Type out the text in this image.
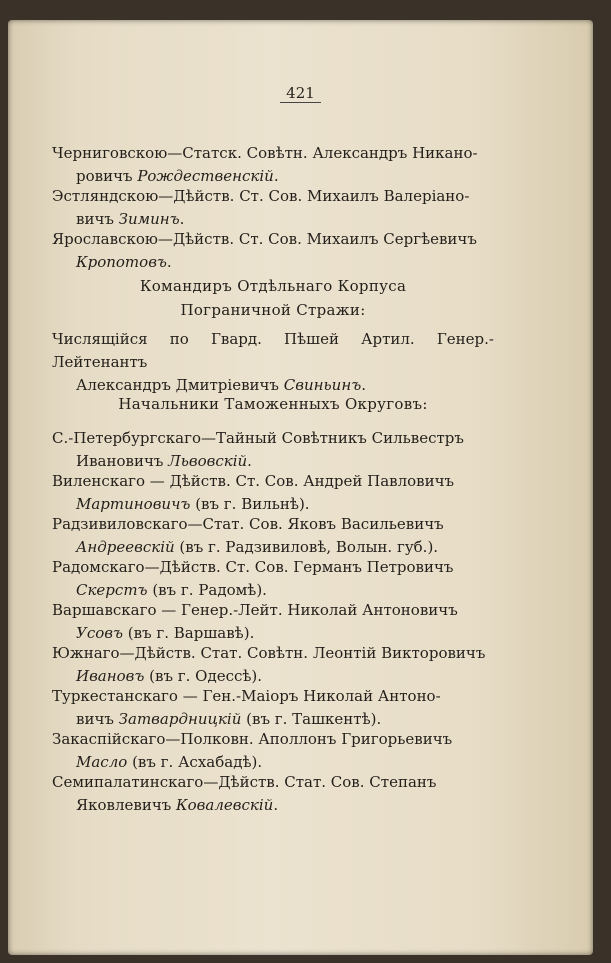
421
Черниговскою—Статск. Совѣтн. Александръ Никано-
ровичъ Рождественскій.
Эстляндскою—Дѣйств. Ст. Сов. Михаилъ Валеріано-
вичъ Зиминъ.
Ярославскою—Дѣйств. Ст. Сов. Михаилъ Сергѣевичъ
Кропотовъ.
Командиръ Отдѣльнаго Корпуса
Пограничной Стражи:
Числящійся по Гвард. Пѣшей Артил. Генер.-Лейтенантъ
Александръ Дмитріевичъ Свиньинъ.
Начальники Таможенныхъ Округовъ:
С.-Петербургскаго—Тайный Совѣтникъ Сильвестръ
Ивановичъ Львовскій.
Виленскаго — Дѣйств. Ст. Сов. Андрей Павловичъ
Мартиновичъ (въ г. Вильнѣ).
Радзивиловскаго—Стат. Сов. Яковъ Васильевичъ
Андреевскій (въ г. Радзивиловѣ, Волын. губ.).
Радомскаго—Дѣйств. Ст. Сов. Германъ Петровичъ
Скерстъ (въ г. Радомѣ).
Варшавскаго — Генер.-Лейт. Николай Антоновичъ
Усовъ (въ г. Варшавѣ).
Южнаго—Дѣйств. Стат. Совѣтн. Леонтій Викторовичъ
Ивановъ (въ г. Одессѣ).
Туркестанскаго — Ген.-Маіоръ Николай Антоно-
вичъ Затвардницкій (въ г. Ташкентѣ).
Закаспійскаго—Полковн. Аполлонъ Григорьевичъ
Масло (въ г. Асхабадѣ).
Семипалатинскаго—Дѣйств. Стат. Сов. Степанъ
Яковлевичъ Ковалевскій.
